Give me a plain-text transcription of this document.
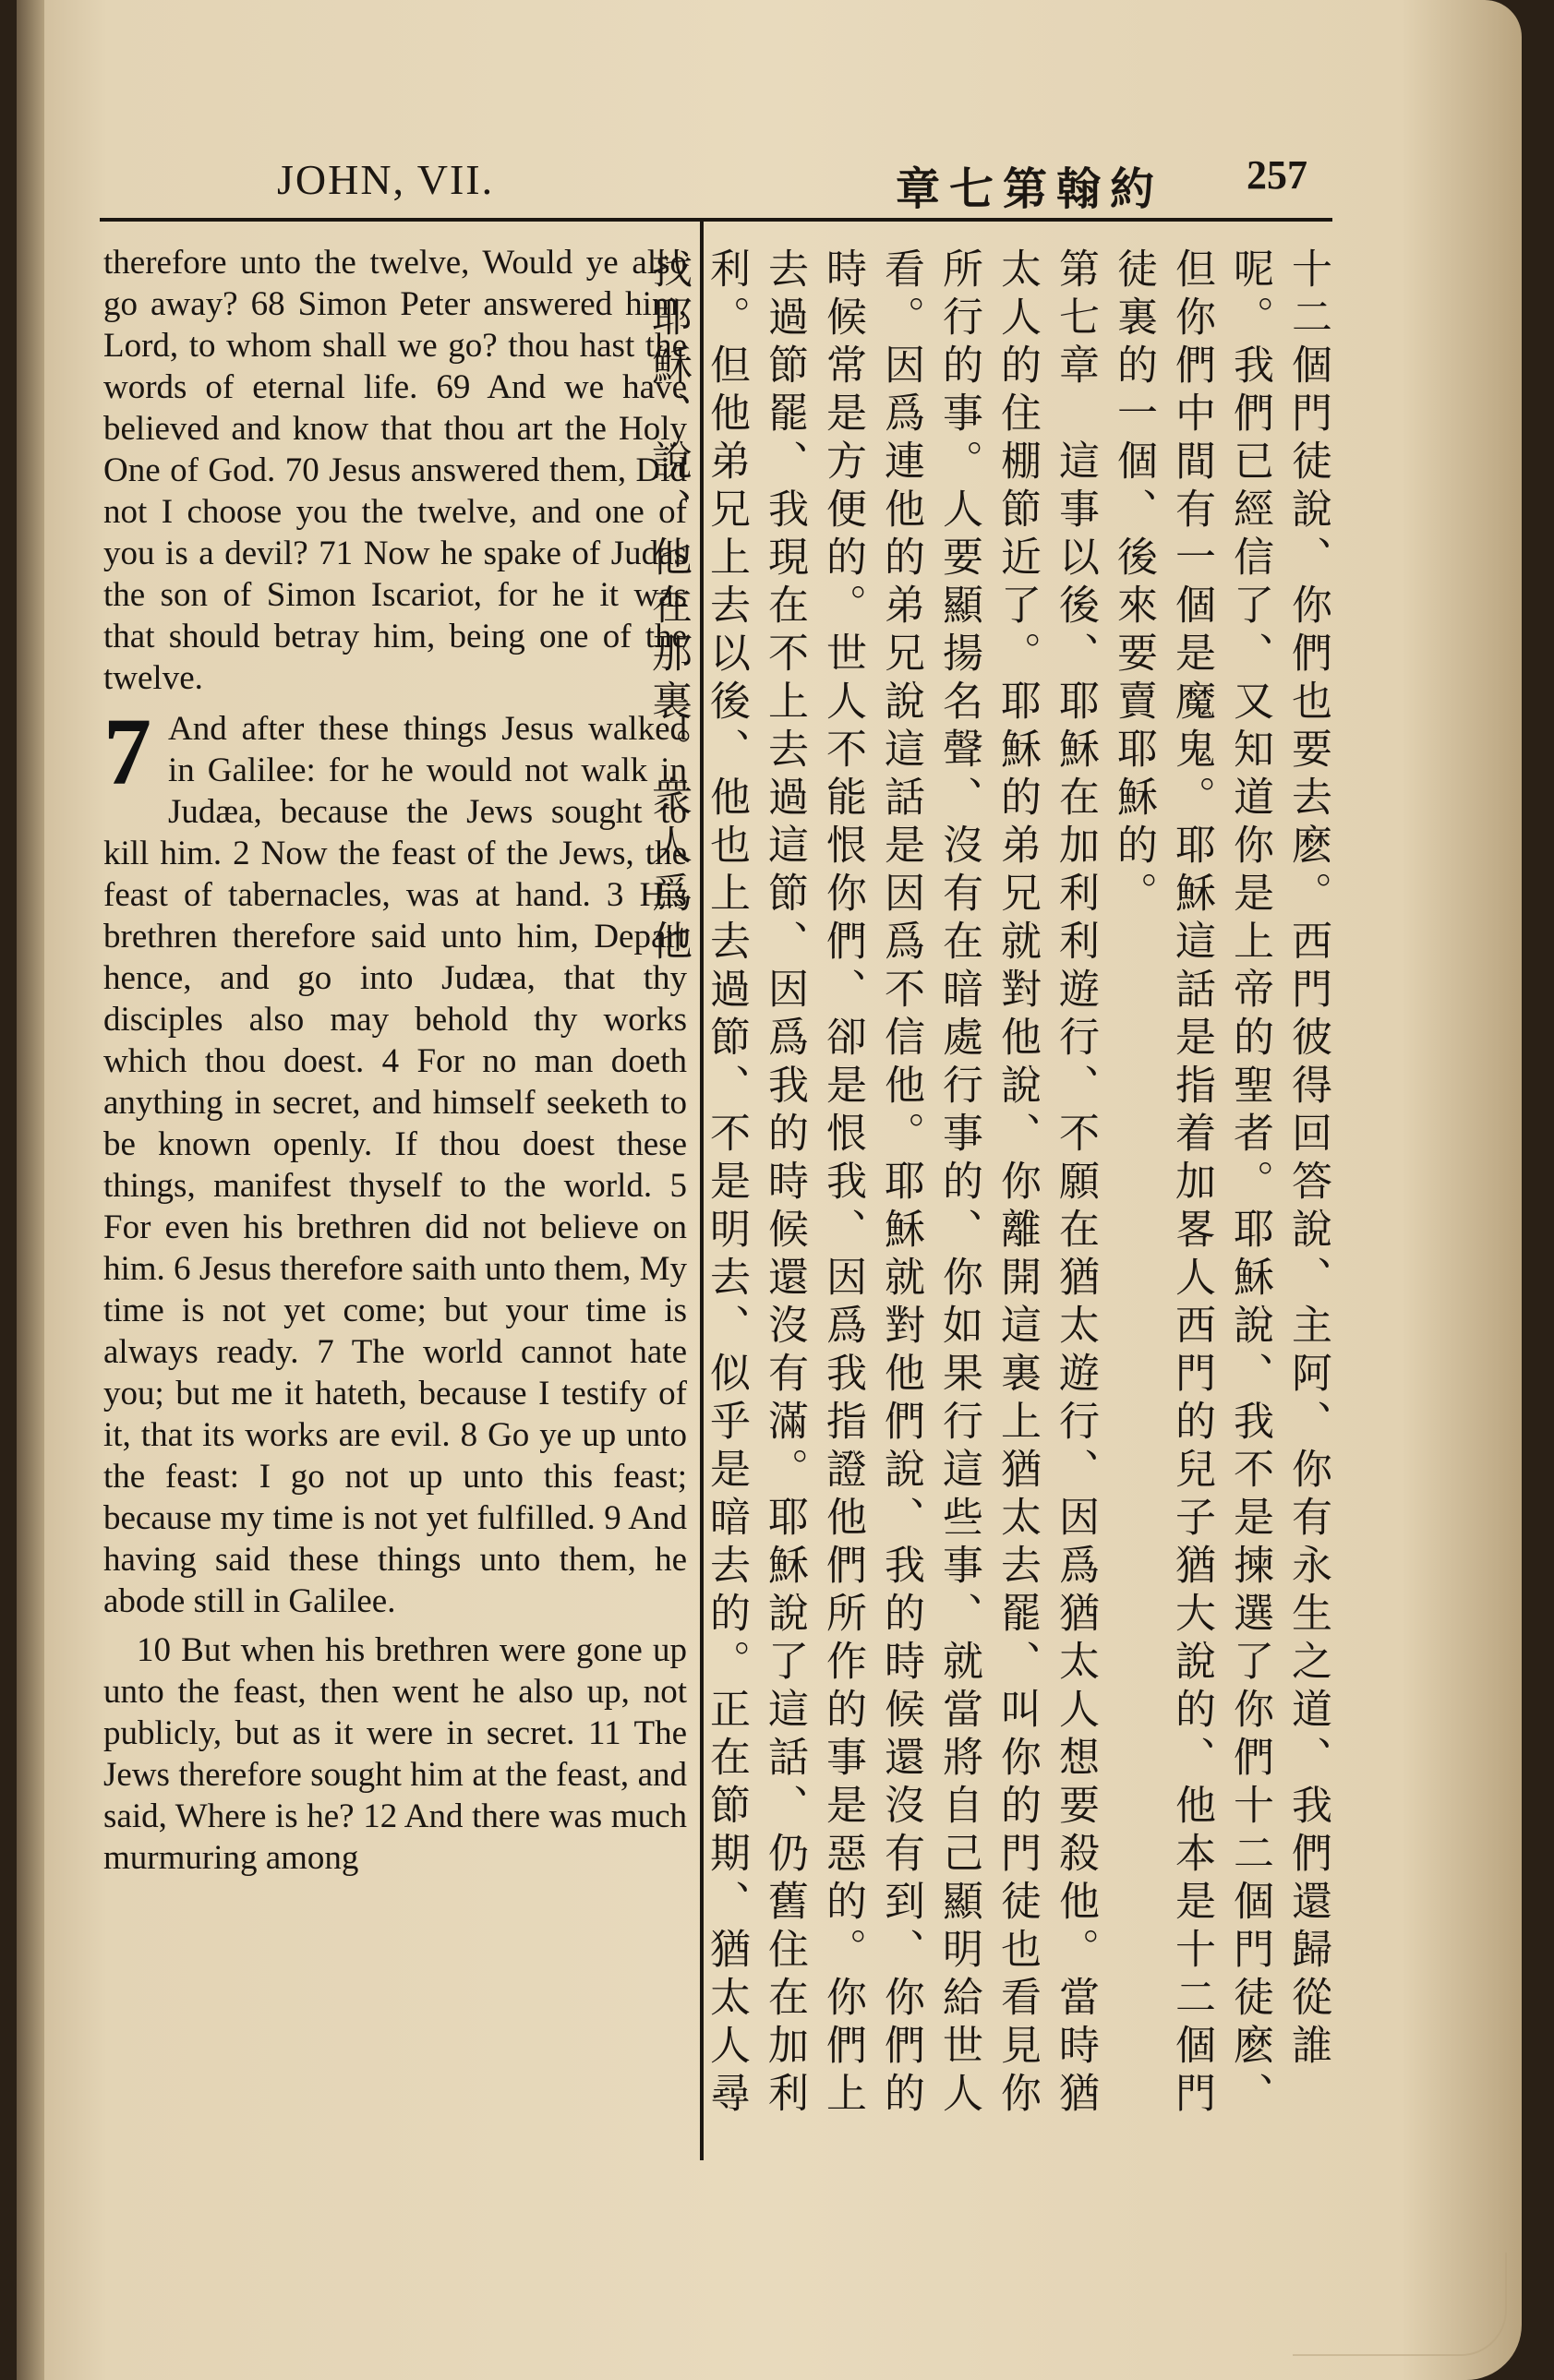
JOHN, VII.	章七第翰約 257

therefore unto the twelve, Would ye also go away? 68 Simon Peter answered him, Lord, to whom shall we go? thou hast the words of eternal life. 69 And we have believed and know that thou art the Holy One of God. 70 Jesus answered them, Did not I choose you the twelve, and one of you is a devil? 71 Now he spake of Judas the son of Simon Iscariot, for he it was that should betray him, being one of the twelve.

7 And after these things Jesus walked in Galilee: for he would not walk in Judæa, because the Jews sought to kill him. 2 Now the feast of the Jews, the feast of tabernacles, was at hand. 3 His brethren therefore said unto him, Depart hence, and go into Judæa, that thy disciples also may behold thy works which thou doest. 4 For no man doeth anything in secret, and himself seeketh to be known openly. If thou doest these things, manifest thyself to the world. 5 For even his brethren did not believe on him. 6 Jesus therefore saith unto them, My time is not yet come; but your time is always ready. 7 The world cannot hate you; but me it hateth, because I testify of it, that its works are evil. 8 Go ye up unto the feast: I go not up unto this feast; because my time is not yet fulfilled. 9 And having said these things unto them, he abode still in Galilee.

10 But when his brethren were gone up unto the feast, then went he also up, not publicly, but as it were in secret. 11 The Jews therefore sought him at the feast, and said, Where is he? 12 And there was much murmuring among	十二個門徒說、你們也要去麽。西門彼得回答說、主阿、你有永生之道、我們還歸從誰呢。我們已經信了、又知道你是上帝的聖者。耶穌說、我不是揀選了你們十二個門徒麽、但你們中間有一個是魔鬼。耶穌這話是指着加畧人西門的兒子猶大說的、他本是十二個門徒裏的一個、後來要賣耶穌的。

第七章　這事以後、耶穌在加利利遊行、不願在猶太遊行、因爲猶太人想要殺他。當時猶太人的住棚節近了。耶穌的弟兄就對他說、你離開這裏上猶太去罷、叫你的門徒也看見你所行的事。人要顯揚名聲、沒有在暗處行事的、你如果行這些事、就當將自己顯明給世人看。因爲連他的弟兄說這話是因爲不信他。耶穌就對他們說、我的時候還沒有到、你們的時候常是方便的。世人不能恨你們、卻是恨我、因爲我指證他們所作的事是惡的。你們上去過節罷、我現在不上去過這節、因爲我的時候還沒有滿。耶穌說了這話、仍舊住在加利利。但他弟兄上去以後、他也上去過節、不是明去、似乎是暗去的。正在節期、猶太人尋找耶穌、說、他在那裏。衆人爲他
